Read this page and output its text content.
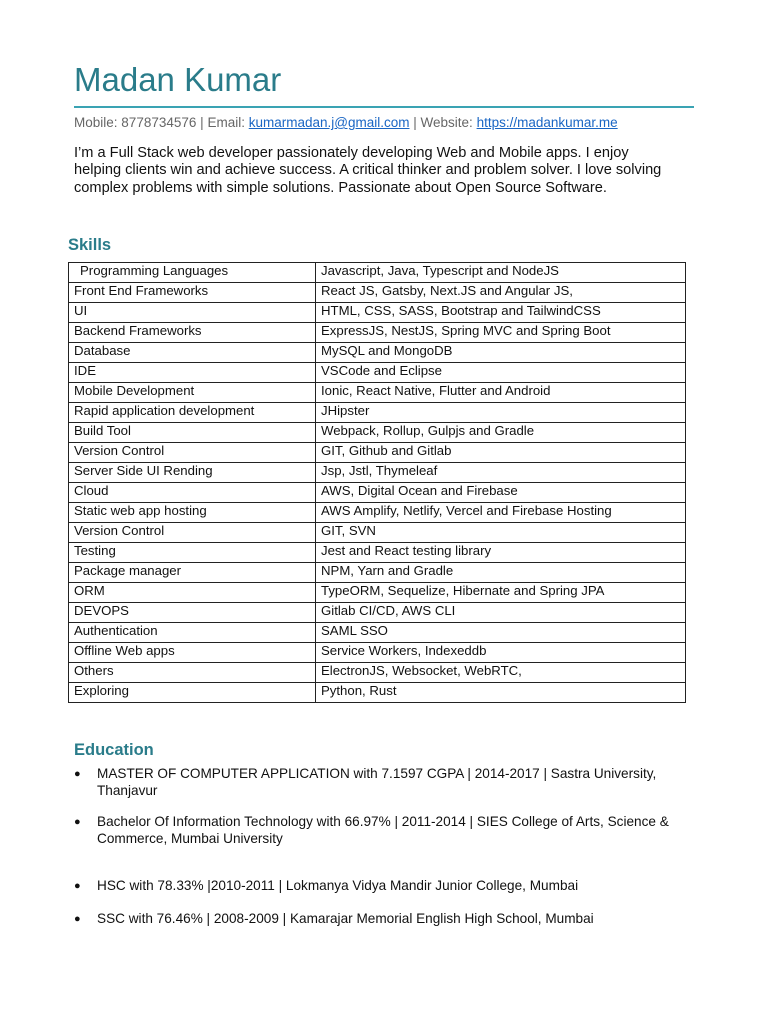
Madan Kumar
Mobile: 8778734576 | Email: kumarmadan.j@gmail.com | Website: https://madankumar.me

I’m a Full Stack web developer passionately developing Web and Mobile apps. I enjoy helping clients win and achieve success. A critical thinker and problem solver. I love solving complex problems with simple solutions. Passionate about Open Source Software.

Skills
Programming Languages	Javascript, Java, Typescript and NodeJS
Front End Frameworks	React JS, Gatsby, Next.JS and Angular JS,
UI	HTML, CSS, SASS, Bootstrap and TailwindCSS
Backend Frameworks	ExpressJS, NestJS, Spring MVC and Spring Boot
Database	MySQL and MongoDB
IDE	VSCode and Eclipse
Mobile Development	Ionic, React Native, Flutter and Android
Rapid application development	JHipster
Build Tool	Webpack, Rollup, Gulpjs and Gradle
Version Control	GIT, Github and Gitlab
Server Side UI Rending	Jsp, Jstl, Thymeleaf
Cloud	AWS, Digital Ocean and Firebase
Static web app hosting	AWS Amplify, Netlify, Vercel and Firebase Hosting
Version Control	GIT, SVN
Testing	Jest and React testing library
Package manager	NPM, Yarn and Gradle
ORM	TypeORM, Sequelize, Hibernate and Spring JPA
DEVOPS	Gitlab CI/CD, AWS CLI
Authentication	SAML SSO
Offline Web apps	Service Workers, Indexeddb
Others	ElectronJS, Websocket, WebRTC,
Exploring	Python, Rust
Education
● MASTER OF COMPUTER APPLICATION with 7.1597 CGPA | 2014-2017 | Sastra University, Thanjavur
● Bachelor Of Information Technology with 66.97% | 2011-2014 | SIES College of Arts, Science & Commerce, Mumbai University
● HSC with 78.33% |2010-2011 | Lokmanya Vidya Mandir Junior College, Mumbai
● SSC with 76.46% | 2008-2009 | Kamarajar Memorial English High School, Mumbai
